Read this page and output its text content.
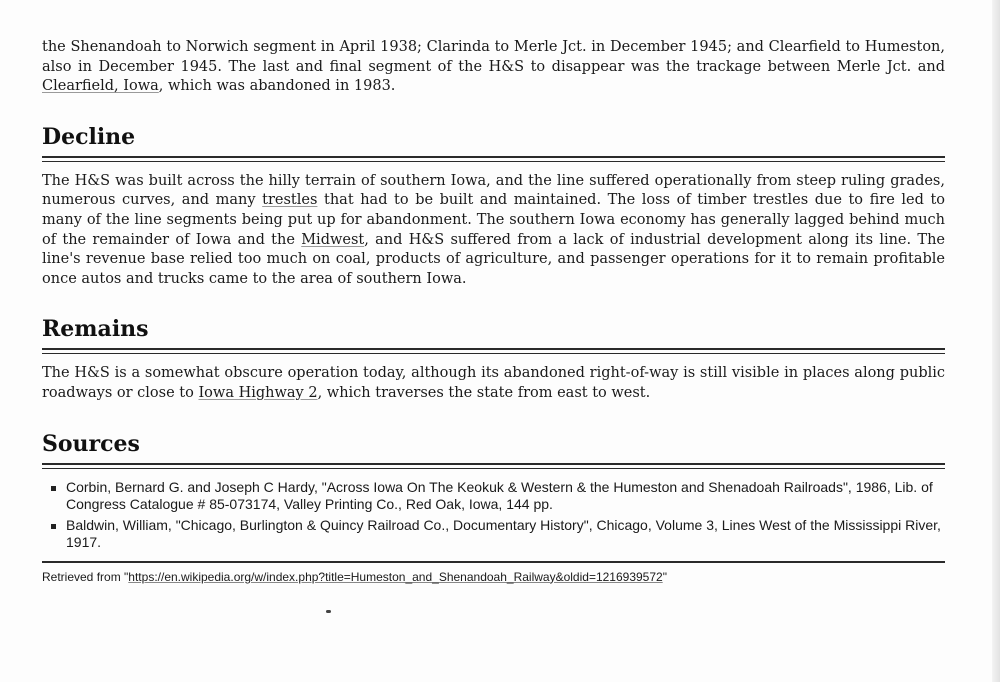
the Shenandoah to Norwich segment in April 1938; Clarinda to Merle Jct. in December 1945; and Clearfield to Humeston, also in December 1945. The last and final segment of the H&S to disappear was the trackage between Merle Jct. and Clearfield, Iowa, which was abandoned in 1983.

Decline

The H&S was built across the hilly terrain of southern Iowa, and the line suffered operationally from steep ruling grades, numerous curves, and many trestles that had to be built and maintained. The loss of timber trestles due to fire led to many of the line segments being put up for abandonment. The southern Iowa economy has generally lagged behind much of the remainder of Iowa and the Midwest, and H&S suffered from a lack of industrial development along its line. The line's revenue base relied too much on coal, products of agriculture, and passenger operations for it to remain profitable once autos and trucks came to the area of southern Iowa.

Remains

The H&S is a somewhat obscure operation today, although its abandoned right-of-way is still visible in places along public roadways or close to Iowa Highway 2, which traverses the state from east to west.

Sources
Corbin, Bernard G. and Joseph C Hardy, "Across Iowa On The Keokuk & Western & the Humeston and Shenadoah Railroads", 1986, Lib. of Congress Catalogue # 85-073174, Valley Printing Co., Red Oak, Iowa, 144 pp.
Baldwin, William, "Chicago, Burlington & Quincy Railroad Co., Documentary History", Chicago, Volume 3, Lines West of the Mississippi River, 1917.
Retrieved from "https://en.wikipedia.org/w/index.php?title=Humeston_and_Shenandoah_Railway&oldid=1216939572"
